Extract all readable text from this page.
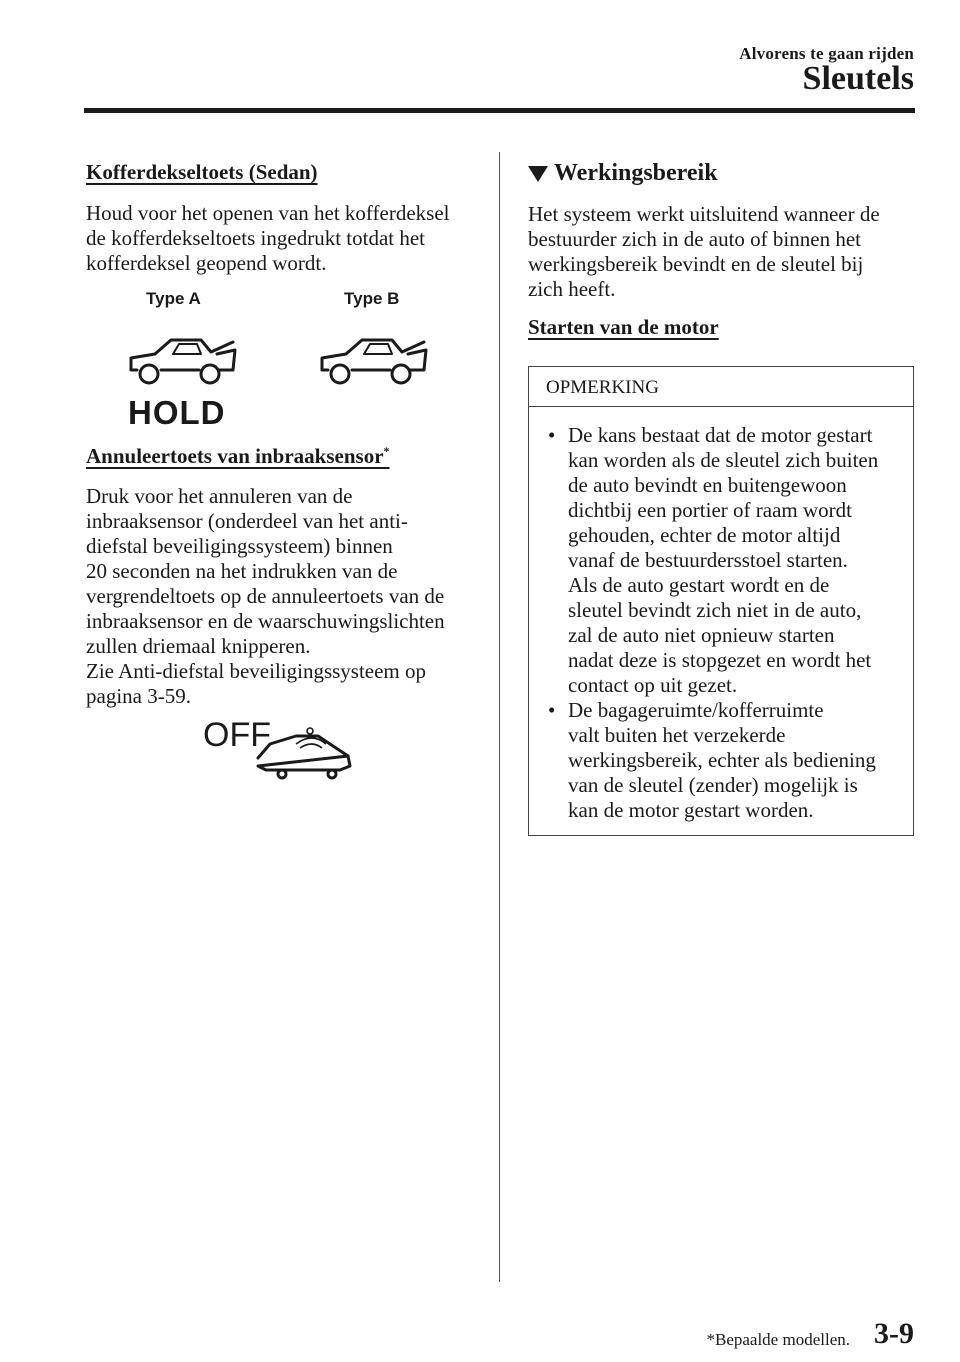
Alvorens te gaan rijden
Sleutels
Kofferdekseltoets (Sedan)
Houd voor het openen van het kofferdeksel
de kofferdekseltoets ingedrukt totdat het
kofferdeksel geopend wordt.
Type A	Type B
HOLD
Annuleertoets van inbraaksensor*
Druk voor het annuleren van de
inbraaksensor (onderdeel van het anti-
diefstal beveiligingssysteem) binnen
20 seconden na het indrukken van de
vergrendeltoets op de annuleertoets van de
inbraaksensor en de waarschuwingslichten
zullen driemaal knipperen.
Zie Anti-diefstal beveiligingssysteem op
pagina 3-59.
OFF
Werkingsbereik
Het systeem werkt uitsluitend wanneer de
bestuurder zich in de auto of binnen het
werkingsbereik bevindt en de sleutel bij
zich heeft.
Starten van de motor
OPMERKING
• De kans bestaat dat de motor gestart
kan worden als de sleutel zich buiten
de auto bevindt en buitengewoon
dichtbij een portier of raam wordt
gehouden, echter de motor altijd
vanaf de bestuurdersstoel starten.
Als de auto gestart wordt en de
sleutel bevindt zich niet in de auto,
zal de auto niet opnieuw starten
nadat deze is stopgezet en wordt het
contact op uit gezet.
• De bagageruimte/kofferruimte
valt buiten het verzekerde
werkingsbereik, echter als bediening
van de sleutel (zender) mogelijk is
kan de motor gestart worden.
*Bepaalde modellen. 3-9
